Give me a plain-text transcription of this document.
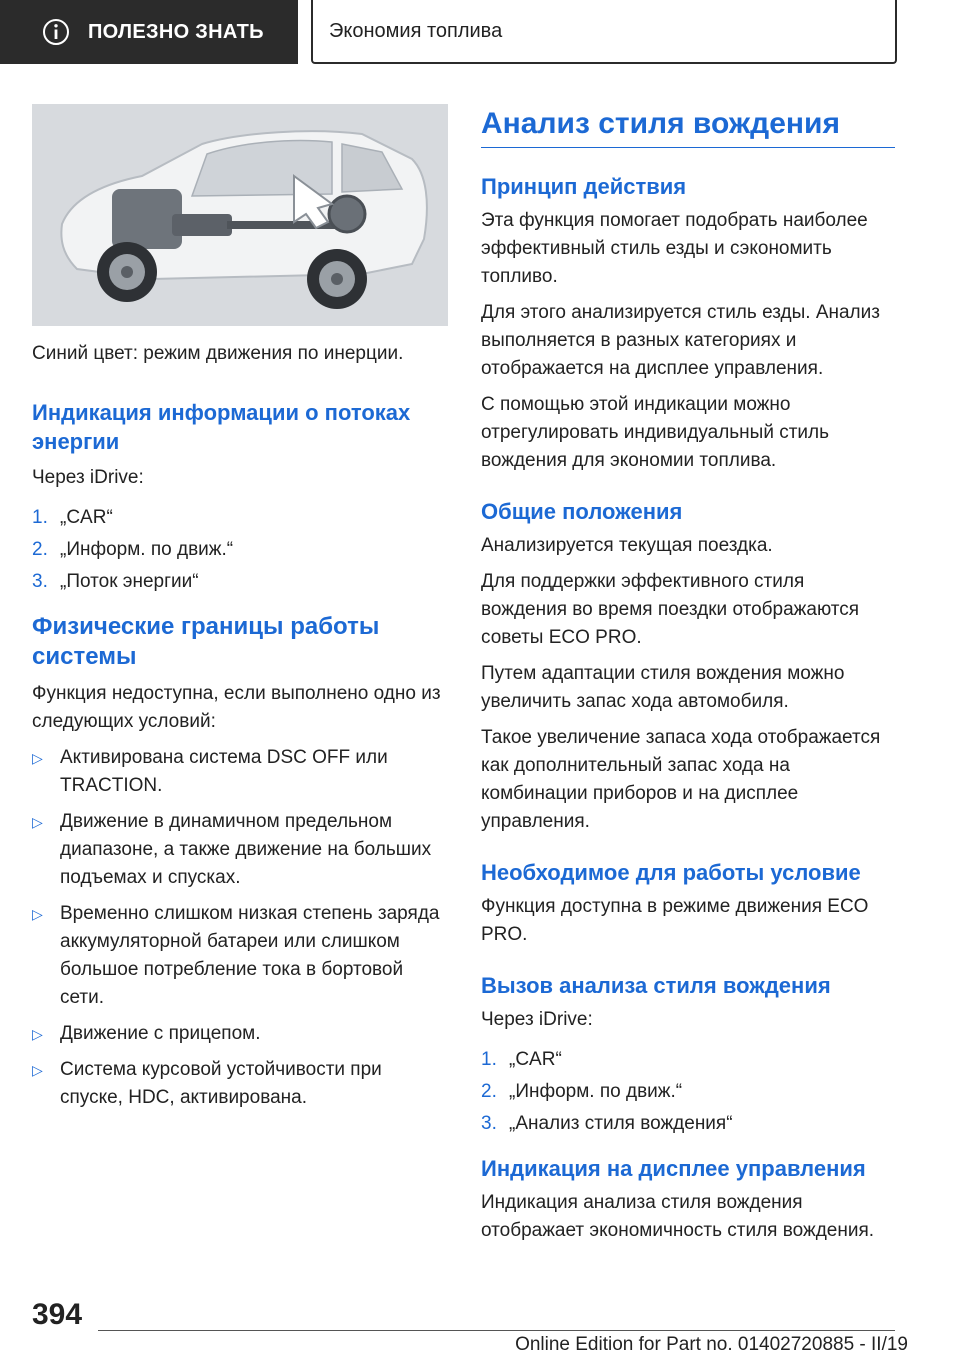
ПОЛЕЗНО ЗНАТЬ	Экономия топлива

Синий цвет: режим движения по инерции.

Индикация информации о потоках энергии

Через iDrive:

1. „CAR“
2. „Информ. по движ.“
3. „Поток энергии“
Физические границы работы системы

Функция недоступна, если выполнено одно из следующих условий:

▷ Активирована система DSC OFF или TRACTION.
▷ Движение в динамичном предельном диапазоне, а также движение на больших подъемах и спусках.
▷ Временно слишком низкая степень заряда аккумуляторной батареи или слишком большое потребление тока в бортовой сети.
▷ Движение с прицепом.
▷ Система курсовой устойчивости при спуске, HDC, активирована.
Анализ стиля вождения
Принцип действия

Эта функция помогает подобрать наиболее эффективный стиль езды и сэкономить топливо.

Для этого анализируется стиль езды. Анализ выполняется в разных категориях и отображается на дисплее управления.

С помощью этой индикации можно отрегулировать индивидуальный стиль вождения для экономии топлива.

Общие положения

Анализируется текущая поездка.

Для поддержки эффективного стиля вождения во время поездки отображаются советы ECO PRO.

Путем адаптации стиля вождения можно увеличить запас хода автомобиля.

Такое увеличение запаса хода отображается как дополнительный запас хода на комбинации приборов и на дисплее управления.

Необходимое для работы условие

Функция доступна в режиме движения ECO PRO.

Вызов анализа стиля вождения

Через iDrive:

1. „CAR“
2. „Информ. по движ.“
3. „Анализ стиля вождения“
Индикация на дисплее управления

Индикация анализа стиля вождения отображает экономичность стиля вождения.

394
Online Edition for Part no. 01402720885 - II/19
